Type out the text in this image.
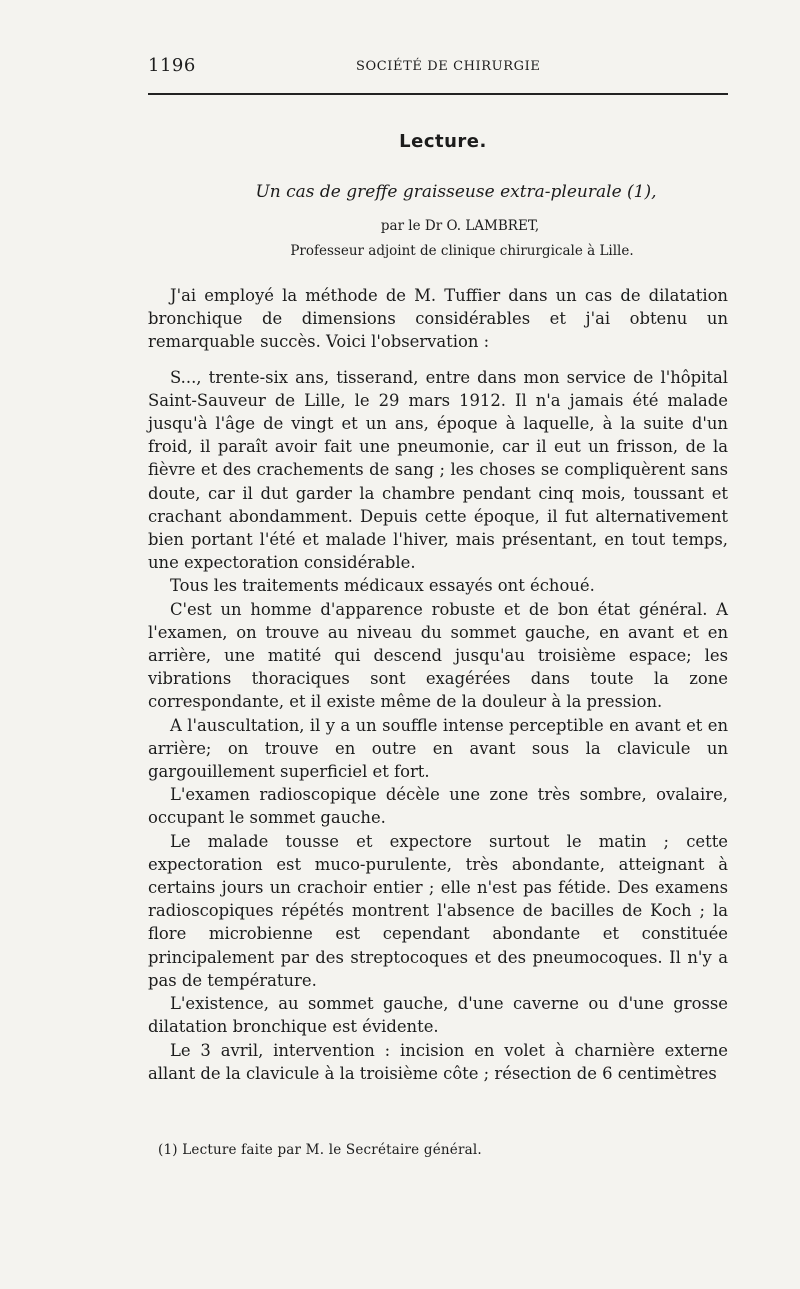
1196	SOCIÉTÉ DE CHIRURGIE
Lecture.
Un cas de greffe graisseuse extra-pleurale (1),
par le Dr O. LAMBRET,
Professeur adjoint de clinique chirurgicale à Lille.

J'ai employé la méthode de M. Tuffier dans un cas de dilatation bronchique de dimensions considérables et j'ai obtenu un remarquable succès. Voici l'observation :

S..., trente-six ans, tisserand, entre dans mon service de l'hôpital Saint-Sauveur de Lille, le 29 mars 1912. Il n'a jamais été malade jusqu'à l'âge de vingt et un ans, époque à laquelle, à la suite d'un froid, il paraît avoir fait une pneumonie, car il eut un frisson, de la fièvre et des crachements de sang ; les choses se compliquèrent sans doute, car il dut garder la chambre pendant cinq mois, toussant et crachant abondamment. Depuis cette époque, il fut alternativement bien portant l'été et malade l'hiver, mais présentant, en tout temps, une expectoration considérable.

Tous les traitements médicaux essayés ont échoué.

C'est un homme d'apparence robuste et de bon état général. A l'examen, on trouve au niveau du sommet gauche, en avant et en arrière, une matité qui descend jusqu'au troisième espace; les vibrations thoraciques sont exagérées dans toute la zone correspondante, et il existe même de la douleur à la pression.

A l'auscultation, il y a un souffle intense perceptible en avant et en arrière; on trouve en outre en avant sous la clavicule un gargouillement superficiel et fort.

L'examen radioscopique décèle une zone très sombre, ovalaire, occupant le sommet gauche.

Le malade tousse et expectore surtout le matin ; cette expectoration est muco-purulente, très abondante, atteignant à certains jours un crachoir entier ; elle n'est pas fétide. Des examens radioscopiques répétés montrent l'absence de bacilles de Koch ; la flore microbienne est cependant abondante et constituée principalement par des streptocoques et des pneumocoques. Il n'y a pas de température.

L'existence, au sommet gauche, d'une caverne ou d'une grosse dilatation bronchique est évidente.

Le 3 avril, intervention : incision en volet à charnière externe allant de la clavicule à la troisième côte ; résection de 6 centimètres

(1) Lecture faite par M. le Secrétaire général.
